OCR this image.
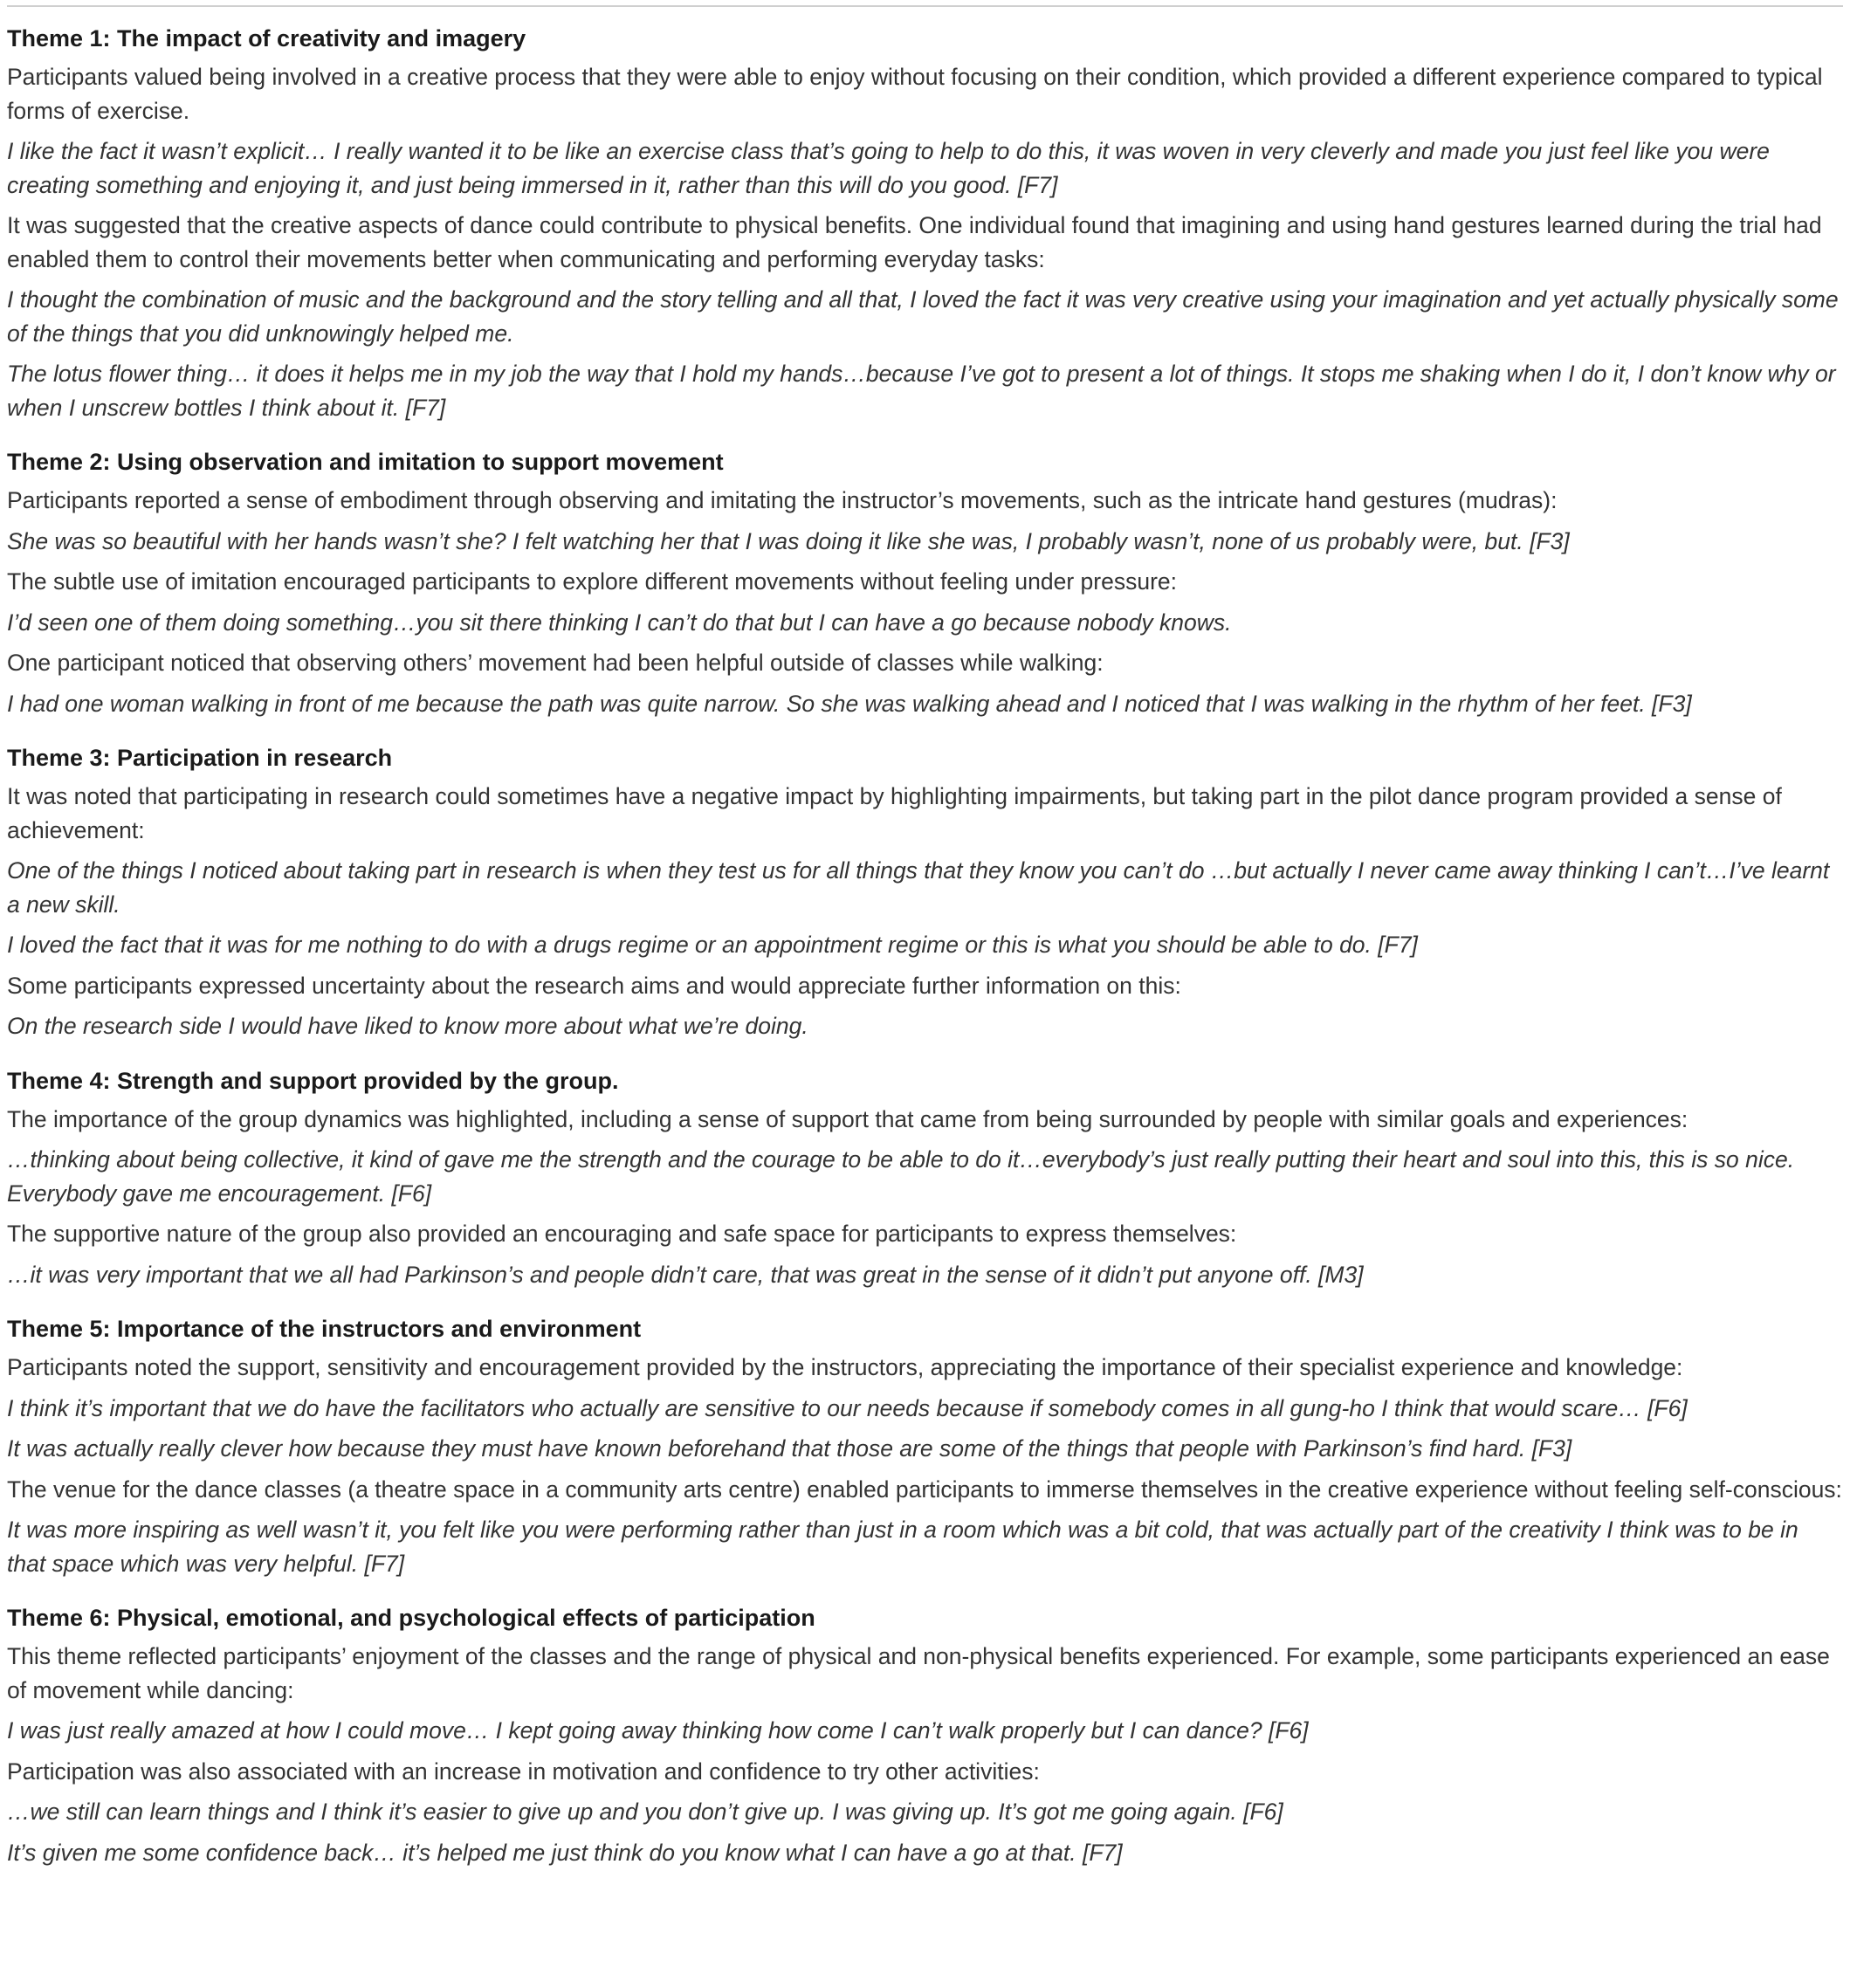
Theme 1: The impact of creativity and imagery

Participants valued being involved in a creative process that they were able to enjoy without focusing on their condition, which provided a different experience compared to typical forms of exercise.

I like the fact it wasn’t explicit… I really wanted it to be like an exercise class that’s going to help to do this, it was woven in very cleverly and made you just feel like you were creating something and enjoying it, and just being immersed in it, rather than this will do you good. [F7]

It was suggested that the creative aspects of dance could contribute to physical benefits. One individual found that imagining and using hand gestures learned during the trial had enabled them to control their movements better when communicating and performing everyday tasks:

I thought the combination of music and the background and the story telling and all that, I loved the fact it was very creative using your imagination and yet actually physically some of the things that you did unknowingly helped me.

The lotus flower thing… it does it helps me in my job the way that I hold my hands…because I’ve got to present a lot of things. It stops me shaking when I do it, I don’t know why or when I unscrew bottles I think about it. [F7]

Theme 2: Using observation and imitation to support movement

Participants reported a sense of embodiment through observing and imitating the instructor’s movements, such as the intricate hand gestures (mudras):

She was so beautiful with her hands wasn’t she? I felt watching her that I was doing it like she was, I probably wasn’t, none of us probably were, but. [F3]

The subtle use of imitation encouraged participants to explore different movements without feeling under pressure:

I’d seen one of them doing something…you sit there thinking I can’t do that but I can have a go because nobody knows.

One participant noticed that observing others’ movement had been helpful outside of classes while walking:

I had one woman walking in front of me because the path was quite narrow. So she was walking ahead and I noticed that I was walking in the rhythm of her feet. [F3]

Theme 3: Participation in research

It was noted that participating in research could sometimes have a negative impact by highlighting impairments, but taking part in the pilot dance program provided a sense of achievement:

One of the things I noticed about taking part in research is when they test us for all things that they know you can’t do …but actually I never came away thinking I can’t…I’ve learnt a new skill.

I loved the fact that it was for me nothing to do with a drugs regime or an appointment regime or this is what you should be able to do. [F7]

Some participants expressed uncertainty about the research aims and would appreciate further information on this:

On the research side I would have liked to know more about what we’re doing.

Theme 4: Strength and support provided by the group.

The importance of the group dynamics was highlighted, including a sense of support that came from being surrounded by people with similar goals and experiences:

…thinking about being collective, it kind of gave me the strength and the courage to be able to do it…everybody’s just really putting their heart and soul into this, this is so nice. Everybody gave me encouragement. [F6]

The supportive nature of the group also provided an encouraging and safe space for participants to express themselves:

…it was very important that we all had Parkinson’s and people didn’t care, that was great in the sense of it didn’t put anyone off. [M3]

Theme 5: Importance of the instructors and environment

Participants noted the support, sensitivity and encouragement provided by the instructors, appreciating the importance of their specialist experience and knowledge:

I think it’s important that we do have the facilitators who actually are sensitive to our needs because if somebody comes in all gung-ho I think that would scare… [F6]

It was actually really clever how because they must have known beforehand that those are some of the things that people with Parkinson’s find hard. [F3]

The venue for the dance classes (a theatre space in a community arts centre) enabled participants to immerse themselves in the creative experience without feeling self-conscious:

It was more inspiring as well wasn’t it, you felt like you were performing rather than just in a room which was a bit cold, that was actually part of the creativity I think was to be in that space which was very helpful. [F7]

Theme 6: Physical, emotional, and psychological effects of participation

This theme reflected participants’ enjoyment of the classes and the range of physical and non-physical benefits experienced. For example, some participants experienced an ease of movement while dancing:

I was just really amazed at how I could move… I kept going away thinking how come I can’t walk properly but I can dance? [F6]

Participation was also associated with an increase in motivation and confidence to try other activities:

…we still can learn things and I think it’s easier to give up and you don’t give up. I was giving up. It’s got me going again. [F6]

It’s given me some confidence back… it’s helped me just think do you know what I can have a go at that. [F7]
